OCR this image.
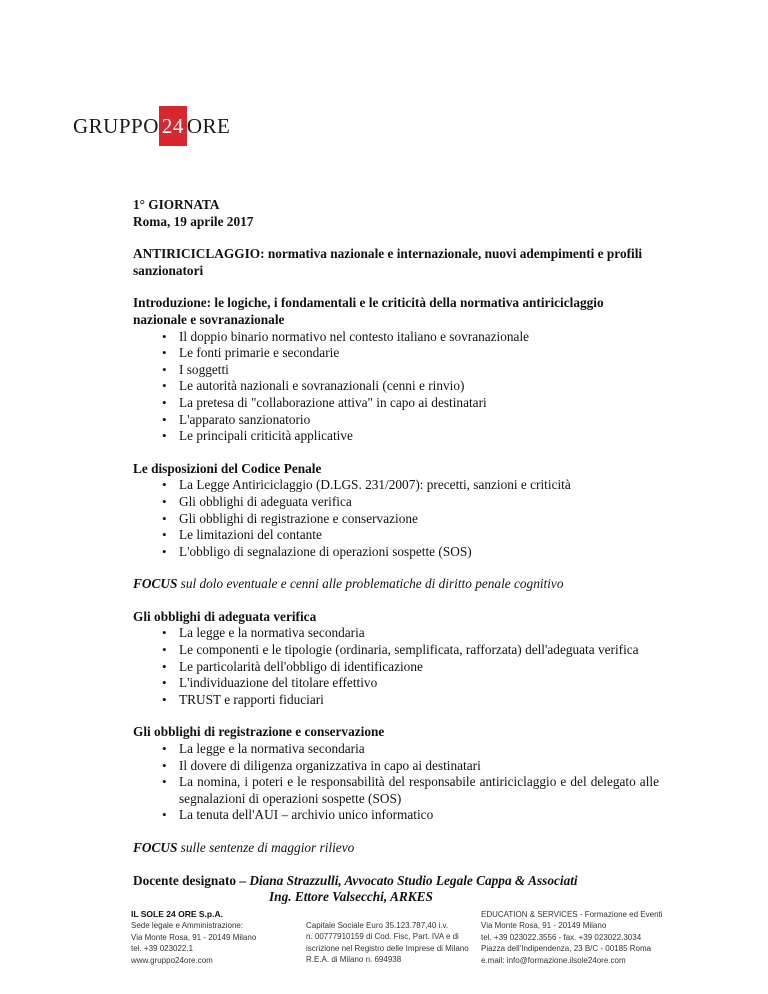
GRUPPO 24 ORE
1° GIORNATA
Roma, 19 aprile 2017
ANTIRICICLAGGIO: normativa nazionale e internazionale, nuovi adempimenti e profili sanzionatori
Introduzione: le logiche, i fondamentali e le criticità della normativa antiriciclaggio nazionale e sovranazionale
• Il doppio binario normativo nel contesto italiano e sovranazionale
• Le fonti primarie e secondarie
• I soggetti
• Le autorità nazionali e sovranazionali (cenni e rinvio)
• La pretesa di "collaborazione attiva" in capo ai destinatari
• L'apparato sanzionatorio
• Le principali criticità applicative
Le disposizioni del Codice Penale
• La Legge Antiriciclaggio (D.LGS. 231/2007): precetti, sanzioni e criticità
• Gli obblighi di adeguata verifica
• Gli obblighi di registrazione e conservazione
• Le limitazioni del contante
• L'obbligo di segnalazione di operazioni sospette (SOS)
FOCUS sul dolo eventuale e cenni alle problematiche di diritto penale cognitivo
Gli obblighi di adeguata verifica
• La legge e la normativa secondaria
• Le componenti e le tipologie (ordinaria, semplificata, rafforzata) dell'adeguata verifica
• Le particolarità dell'obbligo di identificazione
• L'individuazione del titolare effettivo
• TRUST e rapporti fiduciari
Gli obblighi di registrazione e conservazione
• La legge e la normativa secondaria
• Il dovere di diligenza organizzativa in capo ai destinatari
• La nomina, i poteri e le responsabilità del responsabile antiriciclaggio e del delegato alle segnalazioni di operazioni sospette (SOS)
• La tenuta dell'AUI – archivio unico informatico
FOCUS sulle sentenze di maggior rilievo
Docente designato – Diana Strazzulli, Avvocato Studio Legale Cappa & Associati
Ing. Ettore Valsecchi, ARKES
IL SOLE 24 ORE S.p.A.
Sede legale e Amministrazione:
Via Monte Rosa, 91 - 20149 Milano
tel. +39 023022.1
www.gruppo24ore.com
Capitale Sociale Euro 35.123.787,40 i.v.
n. 00777910159 di Cod. Fisc, Part. IVA e di
iscrizione nel Registro delle Imprese di Milano
R.E.A. di Milano n. 694938
EDUCATION & SERVICES - Formazione ed Eventi
Via Monte Rosa, 91 - 20149 Milano
tel. +39 023022.3556 - fax. +39 023022.3034
Piazza dell'Indipendenza, 23 B/C - 00185 Roma
e.mail: info@formazione.ilsole24ore.com
